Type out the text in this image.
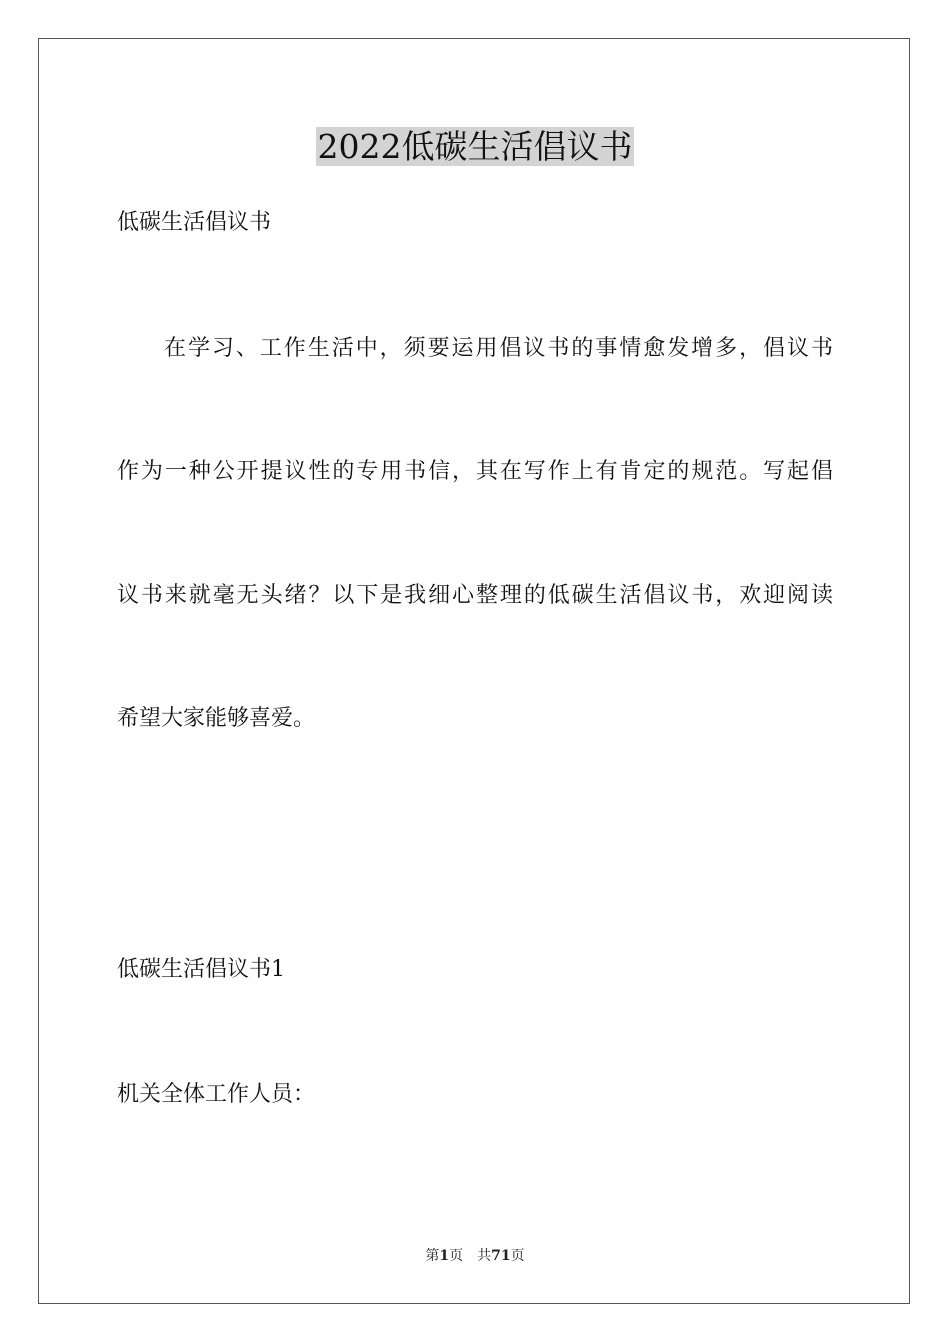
2022低碳生活倡议书

低碳生活倡议书

在学习、工作生活中，须要运用倡议书的事情愈发增多，倡议书

作为一种公开提议性的专用书信，其在写作上有肯定的规范。写起倡

议书来就毫无头绪？以下是我细心整理的低碳生活倡议书，欢迎阅读

希望大家能够喜爱。

低碳生活倡议书1

机关全体工作人员：

第1页 共71页
